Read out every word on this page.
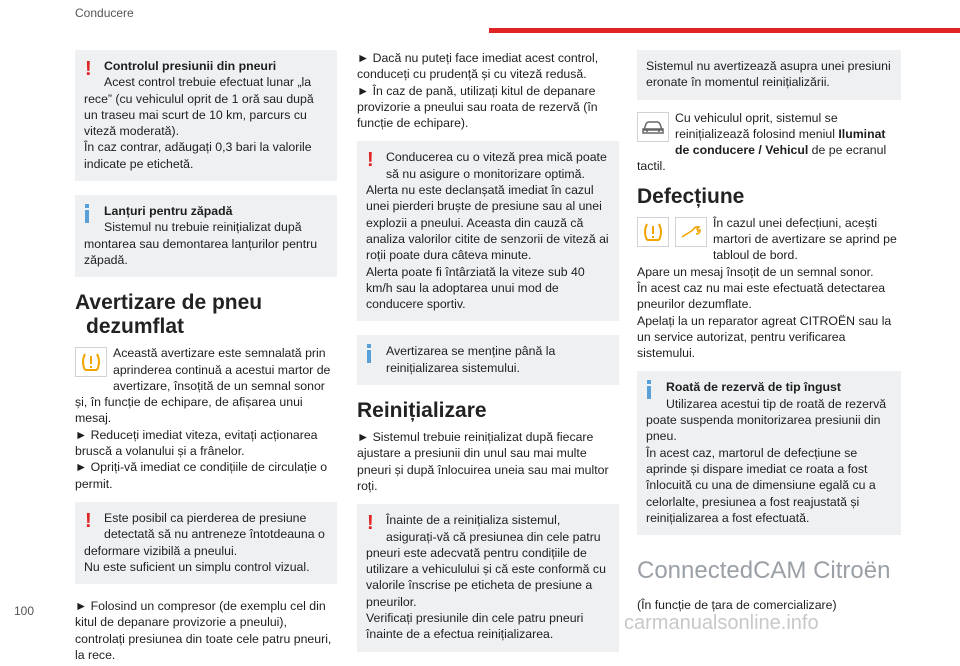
Conducere
!	Controlul presiunii din pneuri
Acest control trebuie efectuat lunar „la
rece” (cu vehiculul oprit de 1 oră sau după un traseu mai scurt de 10 km, parcurs cu viteză moderată).
În caz contrar, adăugați 0,3 bari la valorile indicate pe etichetă.
Lanțuri pentru zăpadă
Sistemul nu trebuie reinițializat după
montarea sau demontarea lanțurilor pentru zăpadă.
Avertizare de pneu
dezumflat
Această avertizare este semnalată prin aprinderea continuă a acestui martor de avertizare, însoțită de un semnal sonor și, în funcție de echipare, de afișarea unui mesaj.
► Reduceți imediat viteza, evitați acționarea bruscă a volanului și a frânelor.
► Opriți-vă imediat ce condițiile de circulație o permit.
!	Este posibil ca pierderea de presiune detectată să nu antreneze întotdeauna o
deformare vizibilă a pneului.
Nu este suficient un simplu control vizual.
► Folosind un compresor (de exemplu cel din kitul de depanare provizorie a pneului), controlați presiunea din toate cele patru pneuri, la rece.
► Dacă nu puteți face imediat acest control, conduceți cu prudență și cu viteză redusă.
► În caz de pană, utilizați kitul de depanare provizorie a pneului sau roata de rezervă (în funcție de echipare).
!	Conducerea cu o viteză prea mică poate să nu asigure o monitorizare optimă.
Alerta nu este declanșată imediat în cazul unei pierderi bruște de presiune sau al unei explozii a pneului. Aceasta din cauză că analiza valorilor citite de senzorii de viteză ai roții poate dura câteva minute.
Alerta poate fi întârziată la viteze sub 40 km/h sau la adoptarea unui mod de conducere sportiv.
Avertizarea se menține până la reinițializarea sistemului.
Reinițializare
► Sistemul trebuie reinițializat după fiecare ajustare a presiunii din unul sau mai multe pneuri și după înlocuirea uneia sau mai multor roți.
!	Înainte de a reinițializa sistemul, asigurați-vă că presiunea din cele patru
pneuri este adecvată pentru condițiile de utilizare a vehiculului și că este conformă cu valorile înscrise pe eticheta de presiune a pneurilor.
Verificați presiunile din cele patru pneuri înainte de a efectua reinițializarea.
Sistemul nu avertizează asupra unei presiuni eronate în momentul reinițializării.
Cu vehiculul oprit, sistemul se reinițializează folosind meniul Iluminat de conducere / Vehicul de pe ecranul tactil.
Defecțiune
În cazul unei defecțiuni, acești martori de avertizare se aprind pe tabloul de bord.
Apare un mesaj însoțit de un semnal sonor.
În acest caz nu mai este efectuată detectarea pneurilor dezumflate.
Apelați la un reparator agreat CITROËN sau la un service autorizat, pentru verificarea sistemului.
Roată de rezervă de tip îngust
Utilizarea acestui tip de roată de rezervă
poate suspenda monitorizarea presiunii din pneu.
În acest caz, martorul de defecțiune se aprinde și dispare imediat ce roata a fost înlocuită cu una de dimensiune egală cu a celorlalte, presiunea a fost reajustată și reinițializarea a fost efectuată.
ConnectedCAM Citroën
(În funcție de țara de comercializare)
100
carmanualsonline.info
